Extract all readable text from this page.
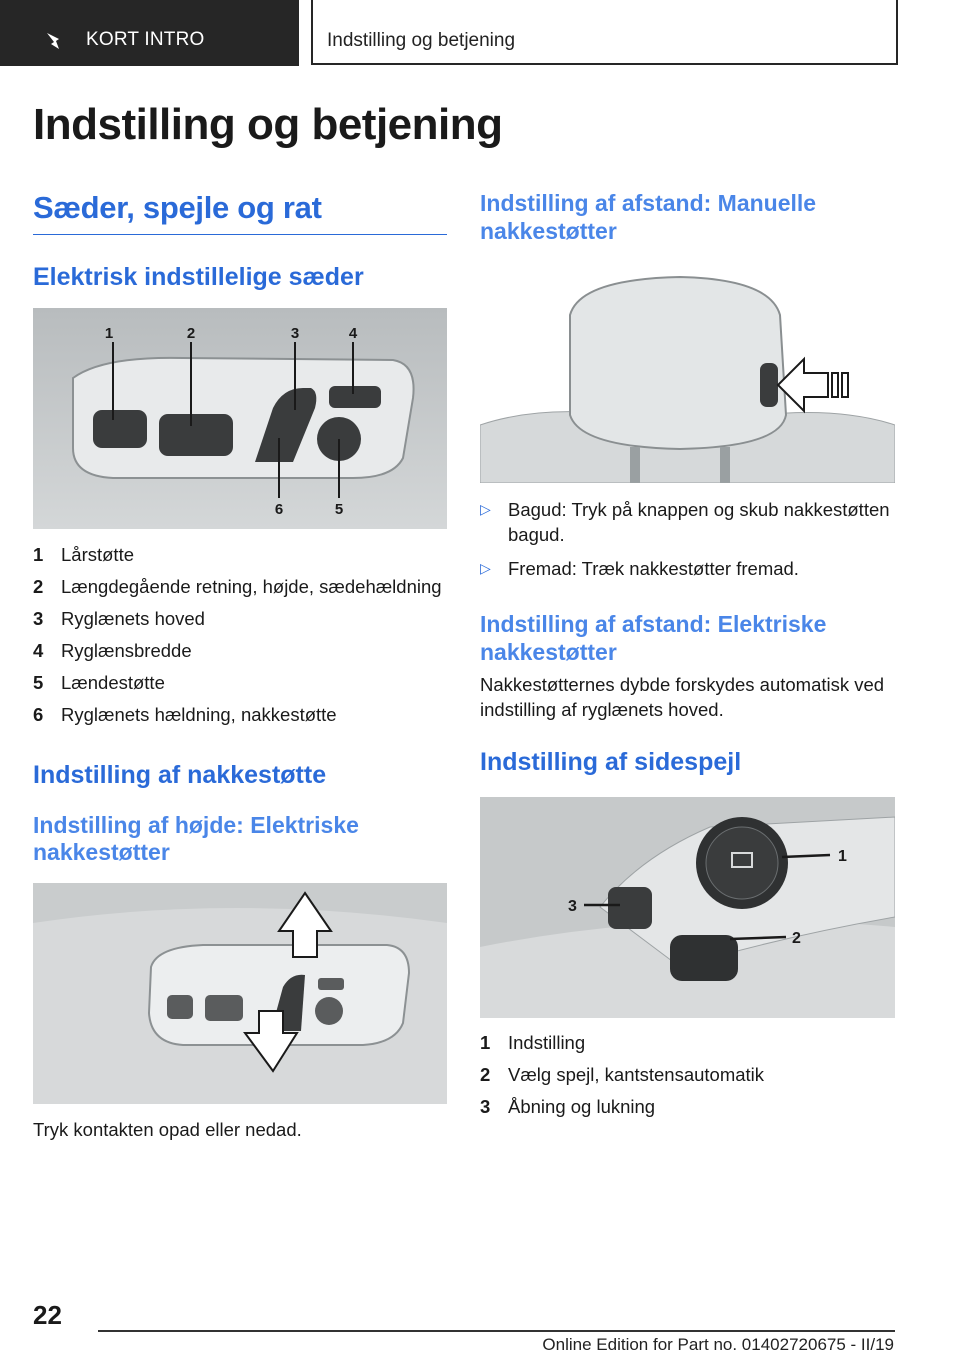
KORT INTRO	Indstilling og betjening
Indstilling og betjening
Sæder, spejle og rat
Elektrisk indstillelige sæder
1	2	3	4
5
6
1 Lårstøtte
2 Længdegående retning, højde, sædehældning
3 Ryglænets hoved
4 Ryglænsbredde
5 Lændestøtte
6 Ryglænets hældning, nakkestøtte
Indstilling af nakkestøtte
Indstilling af højde: Elektriske nakkestøtter

Tryk kontakten opad eller nedad.

Indstilling af afstand: Manuelle nakkestøtter
▷ Bagud: Tryk på knappen og skub nakkestøtten bagud.
▷ Fremad: Træk nakkestøtter fremad.
Indstilling af afstand: Elektriske nakkestøtter

Nakkestøtternes dybde forskydes automatisk ved indstilling af ryglænets hoved.

Indstilling af sidespejl
1
2
3
1 Indstilling
2 Vælg spejl, kantstensautomatik
3 Åbning og lukning
22
Online Edition for Part no. 01402720675 - II/19
